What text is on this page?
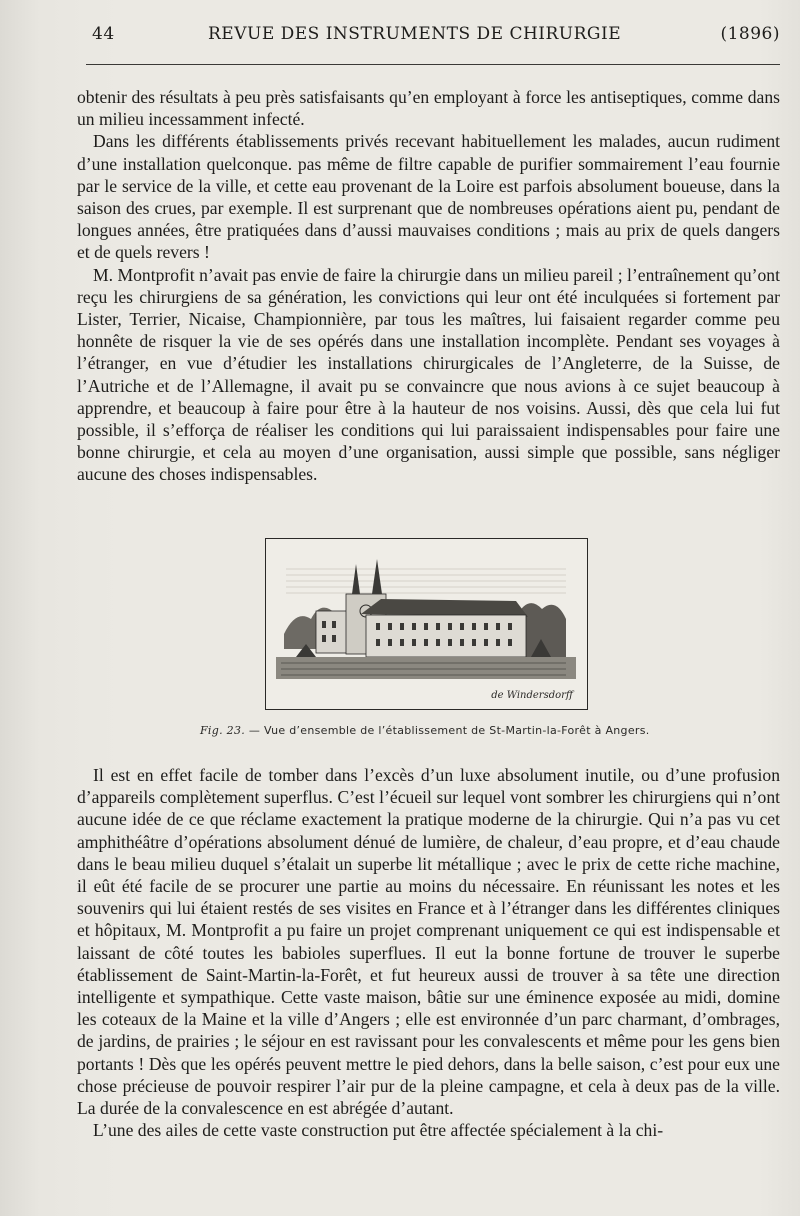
44	REVUE DES INSTRUMENTS DE CHIRURGIE	(1896)

obtenir des résultats à peu près satisfaisants qu’en employant à force les antiseptiques, comme dans un milieu incessamment infecté.

Dans les différents établissements privés recevant habituellement les malades, aucun rudiment d’une installation quelconque. pas même de filtre capable de purifier sommairement l’eau fournie par le service de la ville, et cette eau provenant de la Loire est parfois absolument boueuse, dans la saison des crues, par exemple. Il est surprenant que de nombreuses opérations aient pu, pendant de longues années, être pratiquées dans d’aussi mauvaises conditions ; mais au prix de quels dangers et de quels revers !

M. Montprofit n’avait pas envie de faire la chirurgie dans un milieu pareil ; l’entraînement qu’ont reçu les chirurgiens de sa génération, les convictions qui leur ont été inculquées si fortement par Lister, Terrier, Nicaise, Championnière, par tous les maîtres, lui faisaient regarder comme peu honnête de risquer la vie de ses opérés dans une installation incomplète. Pendant ses voyages à l’étranger, en vue d’étudier les installations chirurgicales de l’Angleterre, de la Suisse, de l’Autriche et de l’Allemagne, il avait pu se convaincre que nous avions à ce sujet beaucoup à apprendre, et beaucoup à faire pour être à la hauteur de nos voisins. Aussi, dès que cela lui fut possible, il s’efforça de réaliser les conditions qui lui paraissaient indispensables pour faire une bonne chirurgie, et cela au moyen d’une organisation, aussi simple que possible, sans négliger aucune des choses indispensables.

de Windersdorff
Fig. 23. — Vue d’ensemble de l’établissement de St-Martin-la-Forêt à Angers.

Il est en effet facile de tomber dans l’excès d’un luxe absolument inutile, ou d’une profusion d’appareils complètement superflus. C’est l’écueil sur lequel vont sombrer les chirurgiens qui n’ont aucune idée de ce que réclame exactement la pratique moderne de la chirurgie. Qui n’a pas vu cet amphithéâtre d’opérations absolument dénué de lumière, de chaleur, d’eau propre, et d’eau chaude dans le beau milieu duquel s’étalait un superbe lit métallique ; avec le prix de cette riche machine, il eût été facile de se procurer une partie au moins du nécessaire. En réunissant les notes et les souvenirs qui lui étaient restés de ses visites en France et à l’étranger dans les différentes cliniques et hôpitaux, M. Montprofit a pu faire un projet comprenant uniquement ce qui est indispensable et laissant de côté toutes les babioles superflues. Il eut la bonne fortune de trouver le superbe établissement de Saint-Martin-la-Forêt, et fut heureux aussi de trouver à sa tête une direction intelligente et sympathique. Cette vaste maison, bâtie sur une éminence exposée au midi, domine les coteaux de la Maine et la ville d’Angers ; elle est environnée d’un parc charmant, d’ombrages, de jardins, de prairies ; le séjour en est ravissant pour les convalescents et même pour les gens bien portants ! Dès que les opérés peuvent mettre le pied dehors, dans la belle saison, c’est pour eux une chose précieuse de pouvoir respirer l’air pur de la pleine campagne, et cela à deux pas de la ville. La durée de la convalescence en est abrégée d’autant.

L’une des ailes de cette vaste construction put être affectée spécialement à la chi-
